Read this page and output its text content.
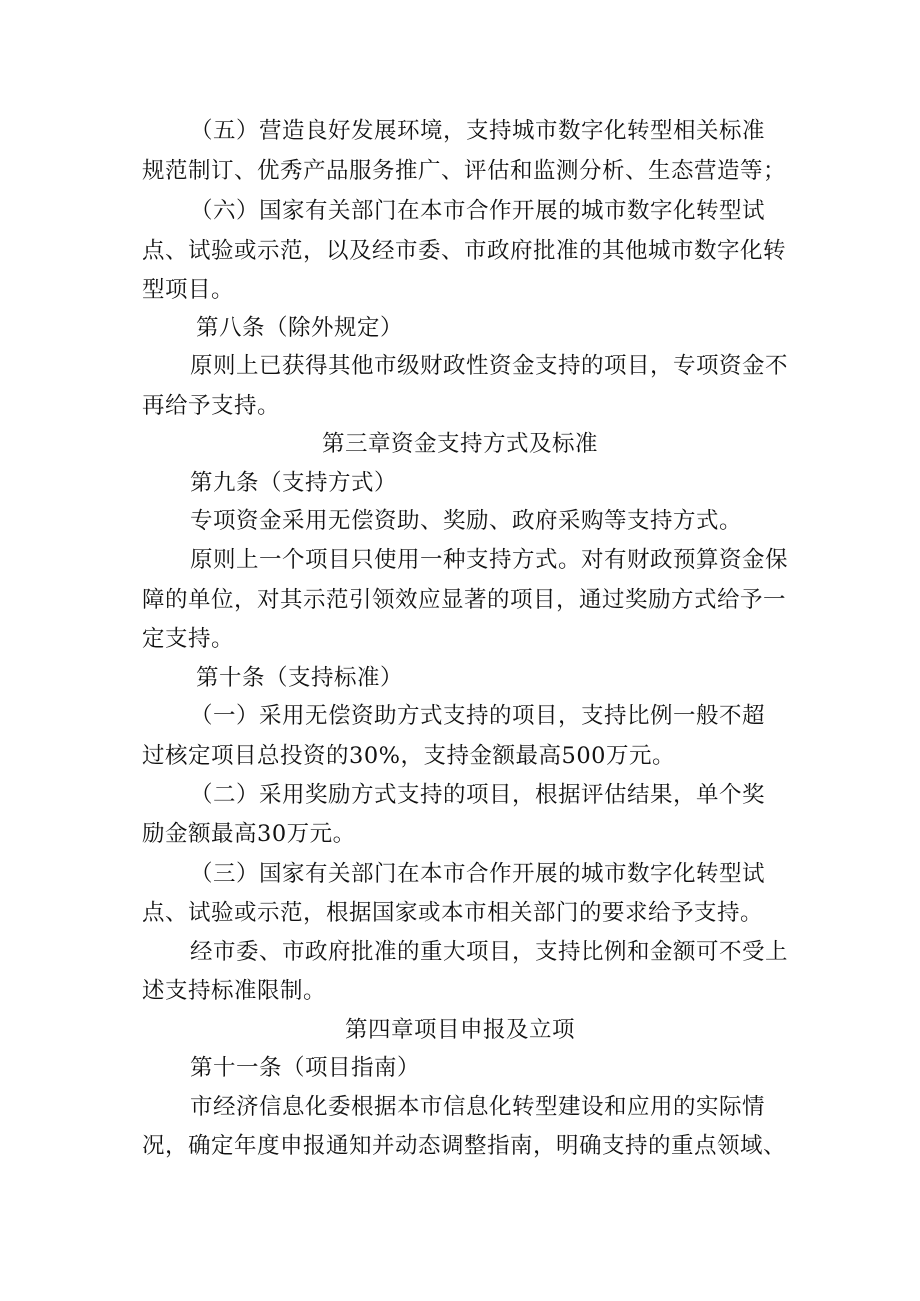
（五）营造良好发展环境，支持城市数字化转型相关标准
规范制订、优秀产品服务推广、评估和监测分析、生态营造等；
（六）国家有关部门在本市合作开展的城市数字化转型试
点、试验或示范，以及经市委、市政府批准的其他城市数字化转
型项目。
第八条（除外规定）
原则上已获得其他市级财政性资金支持的项目，专项资金不
再给予支持。
第三章资金支持方式及标准
第九条（支持方式）
专项资金采用无偿资助、奖励、政府采购等支持方式。
原则上一个项目只使用一种支持方式。对有财政预算资金保
障的单位，对其示范引领效应显著的项目，通过奖励方式给予一
定支持。
第十条（支持标准）
（一）采用无偿资助方式支持的项目，支持比例一般不超
过核定项目总投资的30%，支持金额最高500万元。
（二）采用奖励方式支持的项目，根据评估结果，单个奖
励金额最高30万元。
（三）国家有关部门在本市合作开展的城市数字化转型试
点、试验或示范，根据国家或本市相关部门的要求给予支持。
经市委、市政府批准的重大项目，支持比例和金额可不受上
述支持标准限制。
第四章项目申报及立项
第十一条（项目指南）
市经济信息化委根据本市信息化转型建设和应用的实际情
况，确定年度申报通知并动态调整指南，明确支持的重点领域、
